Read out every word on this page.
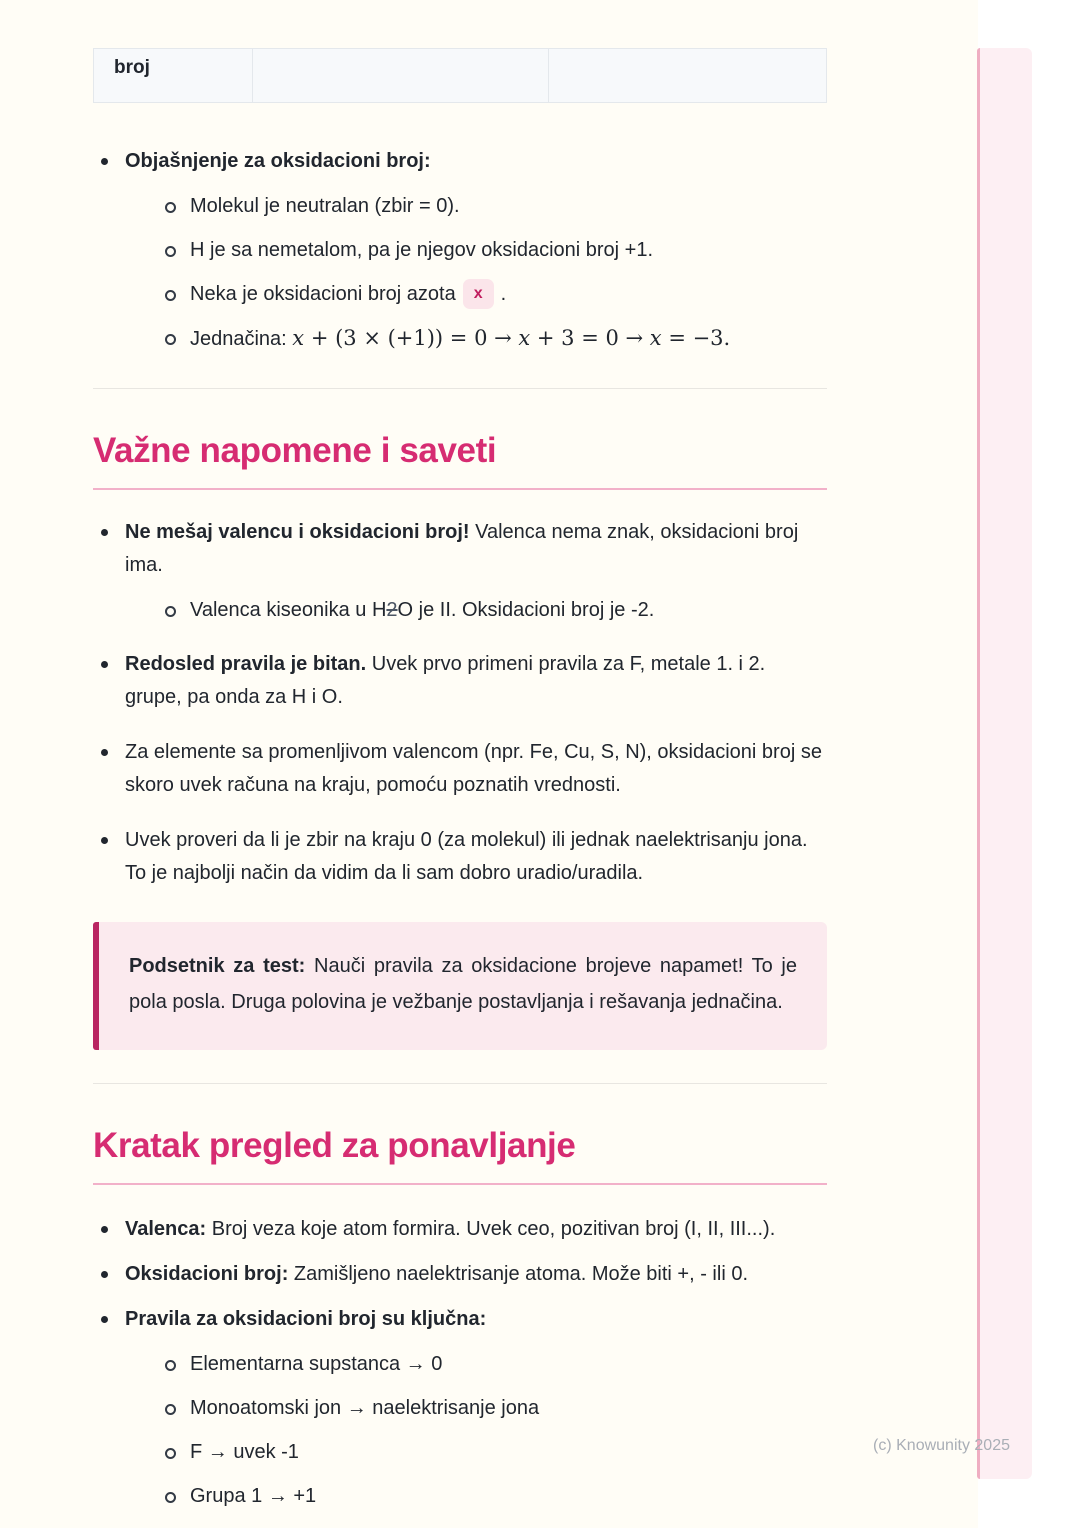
broj		
Objašnjenje za oksidacioni broj:
Molekul je neutralan (zbir = 0).
H je sa nemetalom, pa je njegov oksidacioni broj +1.
Neka je oksidacioni broj azota x .
Jednačina: x + (3 × (+1)) = 0 → x + 3 = 0 → x = −3.
Važne napomene i saveti
Ne mešaj valencu i oksidacioni broj! Valenca nema znak, oksidacioni broj ima.
Valenca kiseonika u H2O je II. Oksidacioni broj je -2.
Redosled pravila je bitan. Uvek prvo primeni pravila za F, metale 1. i 2. grupe, pa onda za H i O.
Za elemente sa promenljivom valencom (npr. Fe, Cu, S, N), oksidacioni broj se skoro uvek računa na kraju, pomoću poznatih vrednosti.
Uvek proveri da li je zbir na kraju 0 (za molekul) ili jednak naelektrisanju jona. To je najbolji način da vidim da li sam dobro uradio/uradila.
Podsetnik za test: Nauči pravila za oksidacione brojeve napamet! To je pola posla. Druga polovina je vežbanje postavljanja i rešavanja jednačina.
Kratak pregled za ponavljanje
Valenca: Broj veza koje atom formira. Uvek ceo, pozitivan broj (I, II, III...).
Oksidacioni broj: Zamišljeno naelektrisanje atoma. Može biti +, - ili 0.
Pravila za oksidacioni broj su ključna:
Elementarna supstanca → 0
Monoatomski jon → naelektrisanje jona
F → uvek -1
Grupa 1 → +1
(c) Knowunity 2025
